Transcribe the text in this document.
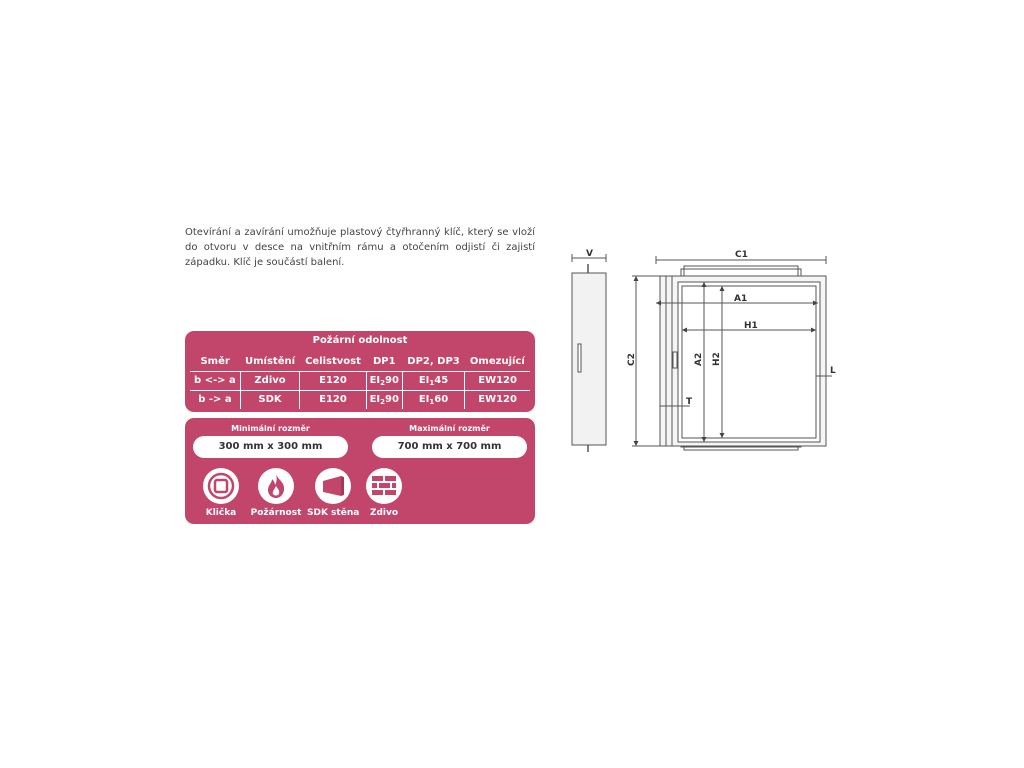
Otevírání a zavírání umožňuje plastový čtyřhranný klíč, který se vloží do otvoru v desce na vnitřním rámu a otočením odjistí či zajistí západku. Klíč je součástí balení.

Požární odolnost
Směr	Umístění	Celistvost	DP1	DP2, DP3	Omezující
b <-> a	Zdivo	E120	$EI_290$	$EI_145$	EW120
b -> a	SDK	E120	$EI_290$	$EI_160$	EW120
Minimální rozměr
300 mm x 300 mm
Maximální rozměr
700 mm x 700 mm
Klička	Požárnost SDK stěna	Zdivo
V	C1
A1
H1
C2	A2 H2
L
T
